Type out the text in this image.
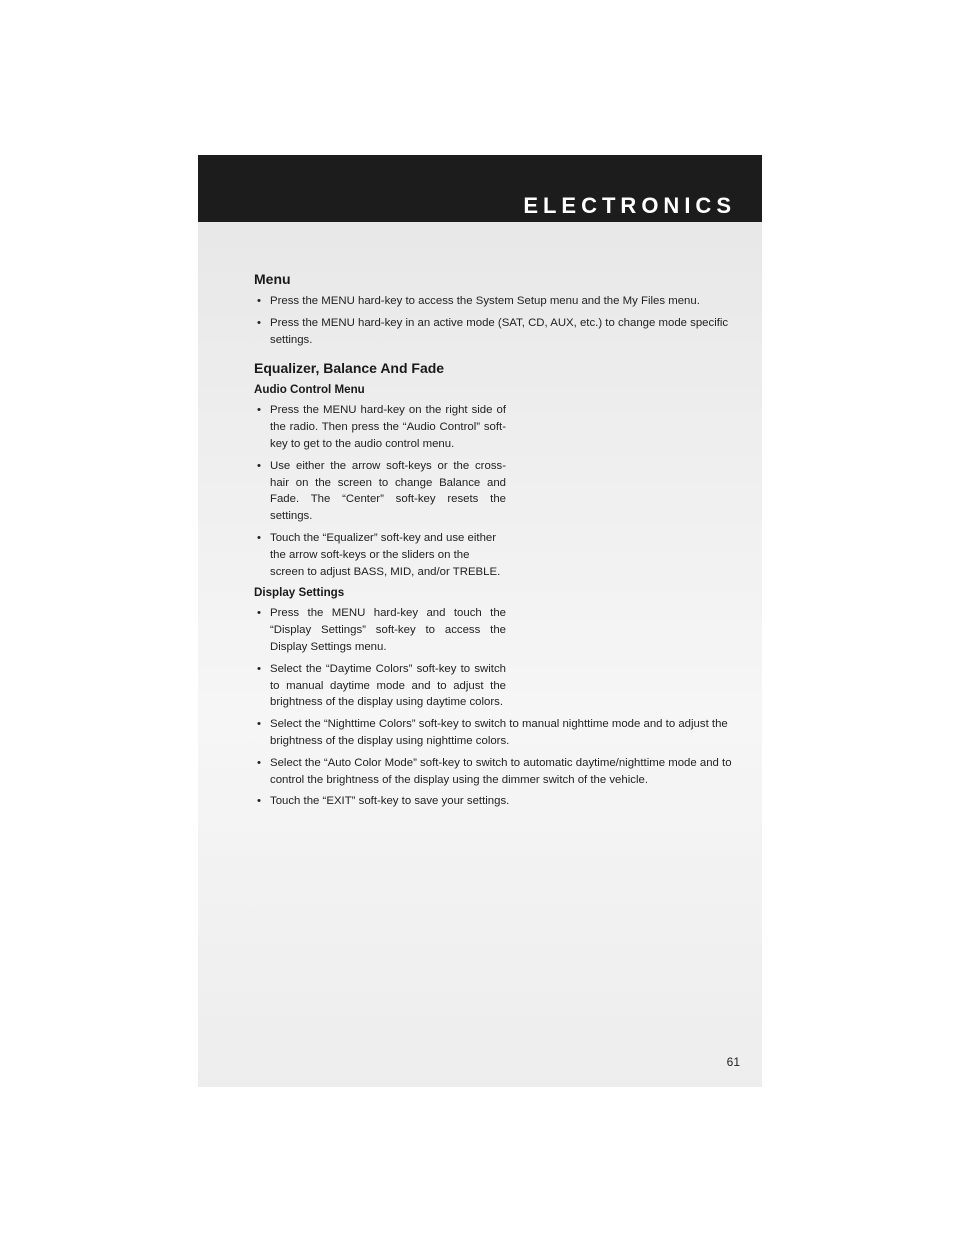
ELECTRONICS
Menu
• Press the MENU hard-key to access the System Setup menu and the My Files menu.
• Press the MENU hard-key in an active mode (SAT, CD, AUX, etc.) to change mode specific settings.
Equalizer, Balance And Fade
Audio Control Menu
• Press the MENU hard-key on the right side of the radio. Then press the “Audio Control” soft-key to get to the audio control menu.
• Use either the arrow soft-keys or the cross-hair on the screen to change Balance and Fade. The “Center” soft-key resets the settings.
• Touch the “Equalizer” soft-key and use either the arrow soft-keys or the sliders on the screen to adjust BASS, MID, and/or TREBLE.
Display Settings
• Press the MENU hard-key and touch the “Display Settings” soft-key to access the Display Settings menu.
• Select the “Daytime Colors” soft-key to switch to manual daytime mode and to adjust the brightness of the display using daytime colors.
• Select the “Nighttime Colors” soft-key to switch to manual nighttime mode and to adjust the brightness of the display using nighttime colors.
• Select the “Auto Color Mode” soft-key to switch to automatic daytime/nighttime mode and to control the brightness of the display using the dimmer switch of the vehicle.
• Touch the “EXIT” soft-key to save your settings.
61
